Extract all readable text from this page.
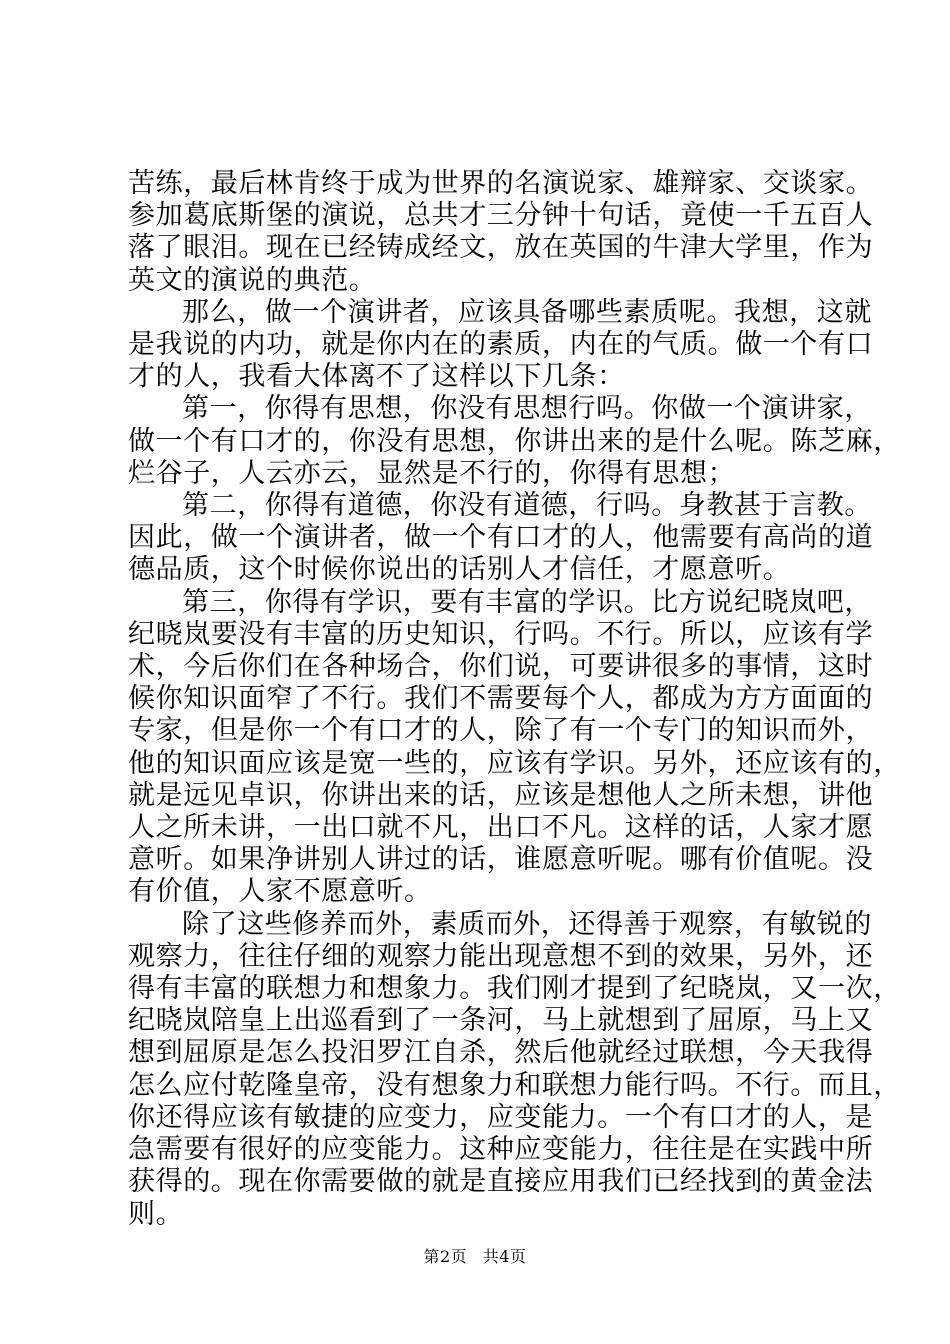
苦练，最后林肯终于成为世界的名演说家、雄辩家、交谈家。
参加葛底斯堡的演说，总共才三分钟十句话，竟使一千五百人
落了眼泪。现在已经铸成经文，放在英国的牛津大学里，作为
英文的演说的典范。
那么，做一个演讲者，应该具备哪些素质呢。我想，这就
是我说的内功，就是你内在的素质，内在的气质。做一个有口
才的人，我看大体离不了这样以下几条：
第一，你得有思想，你没有思想行吗。你做一个演讲家，
做一个有口才的，你没有思想，你讲出来的是什么呢。陈芝麻，
烂谷子，人云亦云，显然是不行的，你得有思想；
第二，你得有道德，你没有道德，行吗。身教甚于言教。
因此，做一个演讲者，做一个有口才的人，他需要有高尚的道
德品质，这个时候你说出的话别人才信任，才愿意听。
第三，你得有学识，要有丰富的学识。比方说纪晓岚吧，
纪晓岚要没有丰富的历史知识，行吗。不行。所以，应该有学
术，今后你们在各种场合，你们说，可要讲很多的事情，这时
候你知识面窄了不行。我们不需要每个人，都成为方方面面的
专家，但是你一个有口才的人，除了有一个专门的知识而外，
他的知识面应该是宽一些的，应该有学识。另外，还应该有的，
就是远见卓识，你讲出来的话，应该是想他人之所未想，讲他
人之所未讲，一出口就不凡，出口不凡。这样的话，人家才愿
意听。如果净讲别人讲过的话，谁愿意听呢。哪有价值呢。没
有价值，人家不愿意听。
除了这些修养而外，素质而外，还得善于观察，有敏锐的
观察力，往往仔细的观察力能出现意想不到的效果，另外，还
得有丰富的联想力和想象力。我们刚才提到了纪晓岚，又一次，
纪晓岚陪皇上出巡看到了一条河，马上就想到了屈原，马上又
想到屈原是怎么投汨罗江自杀，然后他就经过联想，今天我得
怎么应付乾隆皇帝，没有想象力和联想力能行吗。不行。而且，
你还得应该有敏捷的应变力，应变能力。一个有口才的人，是
急需要有很好的应变能力。这种应变能力，往往是在实践中所
获得的。现在你需要做的就是直接应用我们已经找到的黄金法
则。
第2页 共4页
